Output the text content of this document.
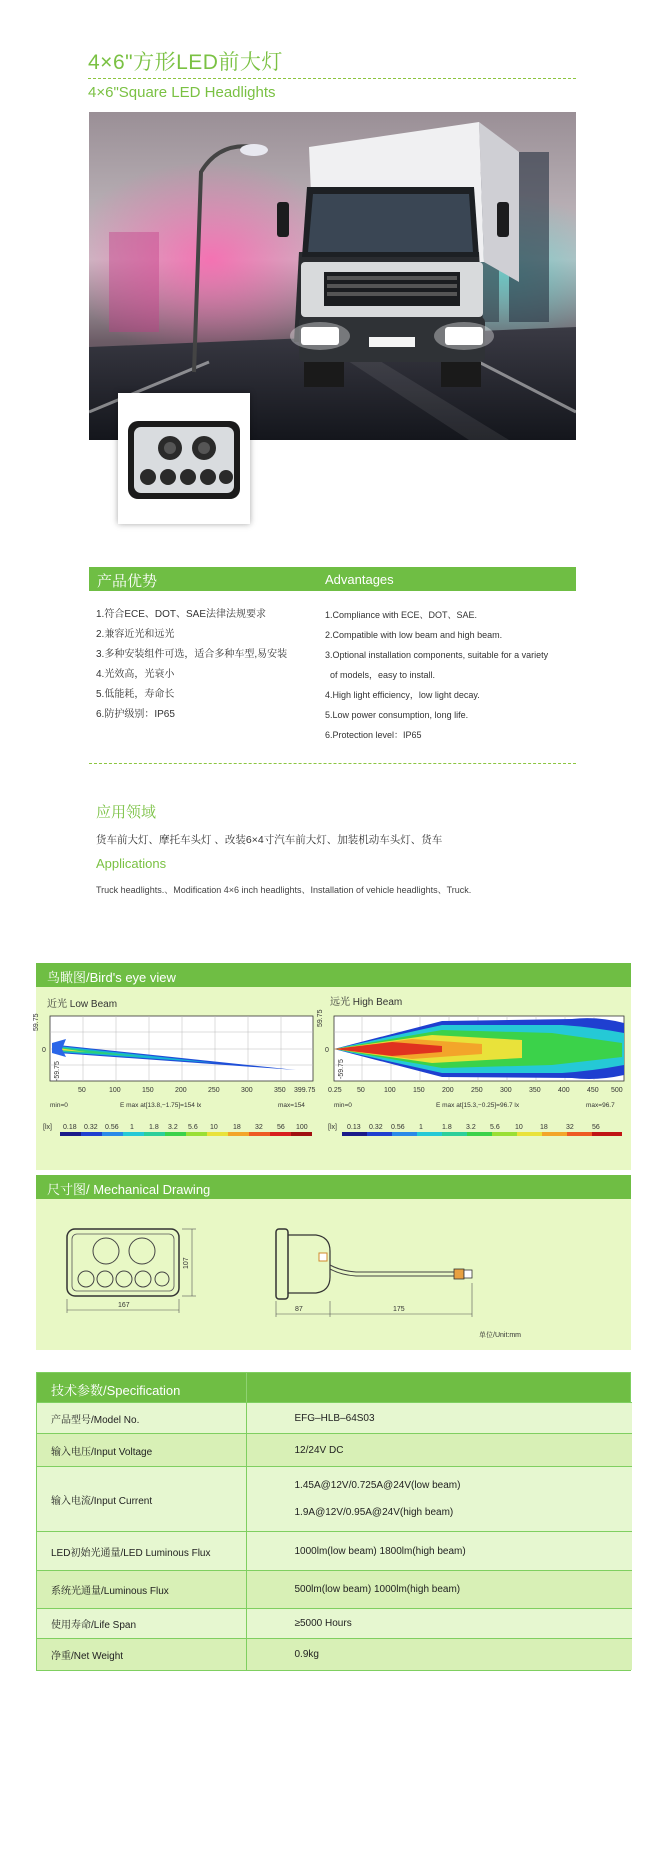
4×6"方形LED前大灯
4×6"Square LED Headlights
产品优势	Advantages
1.符合ECE、DOT、SAE法律法规要求
2.兼容近光和远光
3.多种安装组件可选，适合多种车型,易安装
4.光效高，光衰小
5.低能耗，寿命长
6.防护级别：IP65
1.Compliance with ECE、DOT、SAE.
2.Compatible with low beam and high beam.
3.Optional installation components, suitable for a variety
of models，easy to install.
4.High light efficiency，low light decay.
5.Low power consumption, long life.
6.Protection level：IP65
应用领域
货车前大灯、摩托车头灯 、改装6×4寸汽车前大灯、加装机动车头灯、货车
Applications
Truck headlights.、Modification 4×6 inch headlights、Installation of vehicle headlights、Truck.
鸟瞰图/Bird's eye view
近光 Low Beam
59.75
0
-59.75
50	100	150	200	250	300	350 399.75
min=0	E max at[13.8,−1.75]=154 lx	max=154
[lx] 0.18 0.32 0.56 1 1.8 3.2 5.6 10 18 32 56 100
远光 High Beam
59.75
0
-59.75
0.25 50	100 150 200 250 300 350 400 450 500
min=0	E max at[15.3,−0.25]=96.7 lx	max=96.7
[lx] 0.13 0.32 0.56 1	1.8 3.2 5.6 10 18	32	56
尺寸图/ Mechanical Drawing
107
167
87	175
单位/Unit:mm
技术参数/Specification
产品型号/Model No.	EFG–HLB–64S03
输入电压/Input Voltage	12/24V DC
输入电流/Input Current	1.45A@12V/0.725A@24V(low beam)
1.9A@12V/0.95A@24V(high beam)

LED初始光通量/LED Luminous Flux	1000lm(low beam) 1800lm(high beam)
系统光通量/Luminous Flux	500lm(low beam) 1000lm(high beam)
使用寿命/Life Span	≥5000 Hours
净重/Net Weight	0.9kg
